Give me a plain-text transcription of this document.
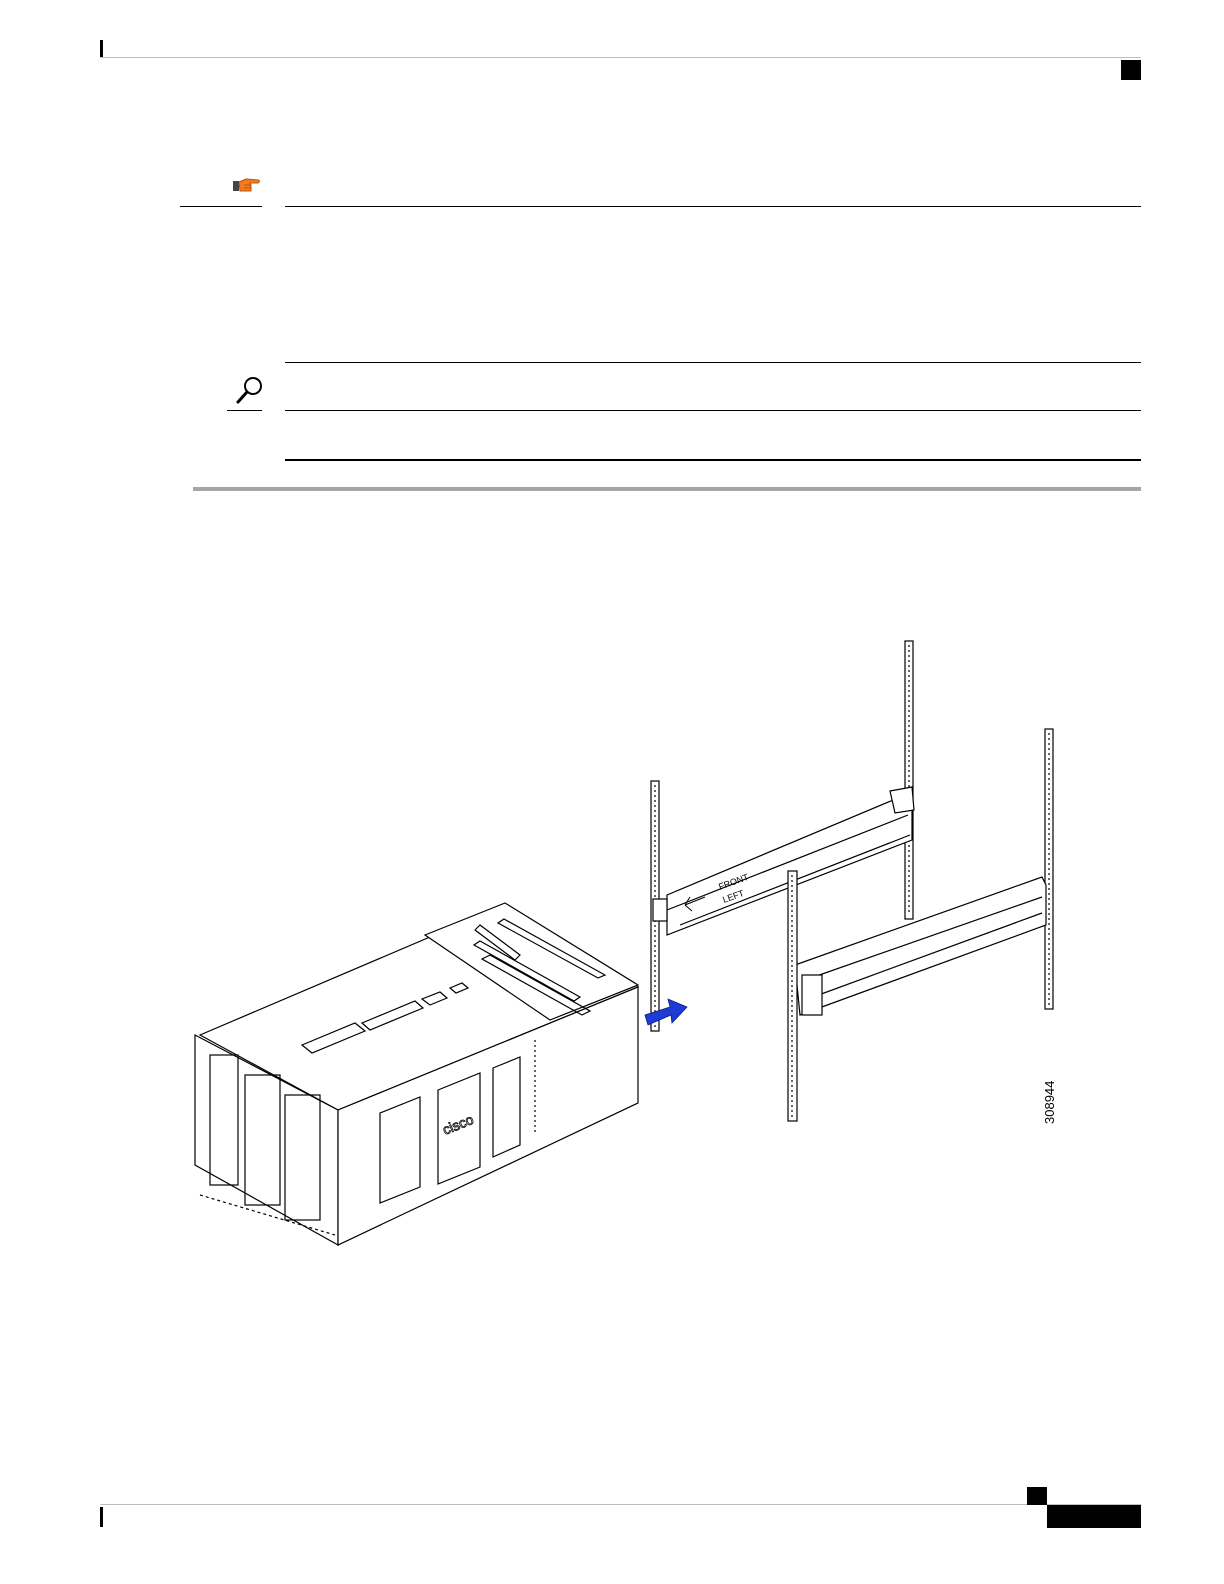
FRONT
LEFT
cisco
308944
